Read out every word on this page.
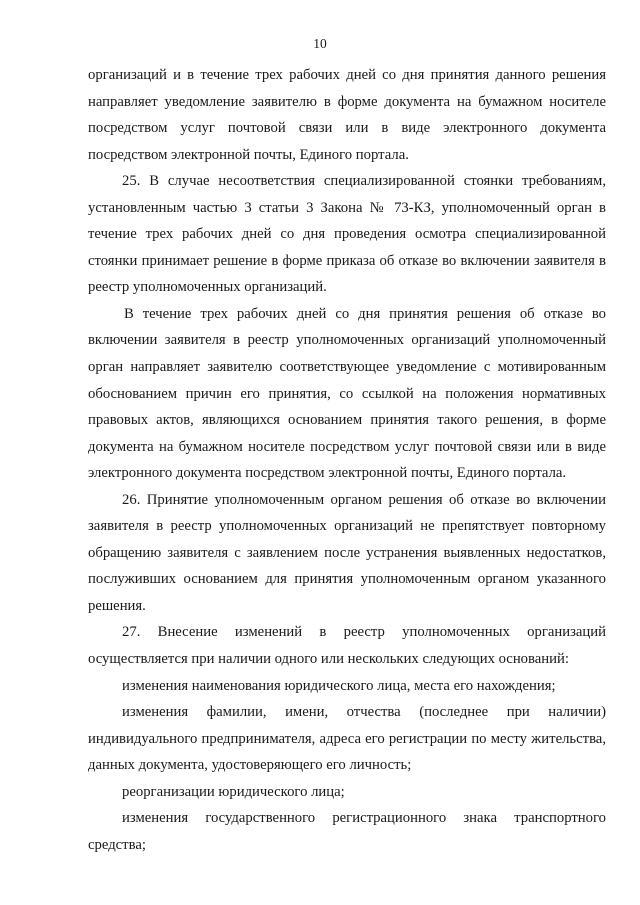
10

организаций и в течение трех рабочих дней со дня принятия данного решения направляет уведомление заявителю в форме документа на бумажном носителе посредством услуг почтовой связи или в виде электронного документа посредством электронной почты, Единого портала.

25. В случае несоответствия специализированной стоянки требованиям, установленным частью 3 статьи 3 Закона № 73-КЗ, уполномоченный орган в течение трех рабочих дней со дня проведения осмотра специализированной стоянки принимает решение в форме приказа об отказе во включении заявителя в реестр уполномоченных организаций.

В течение трех рабочих дней со дня принятия решения об отказе во включении заявителя в реестр уполномоченных организаций уполномоченный орган направляет заявителю соответствующее уведомление с мотивированным обоснованием причин его принятия, со ссылкой на положения нормативных правовых актов, являющихся основанием принятия такого решения, в форме документа на бумажном носителе посредством услуг почтовой связи или в виде электронного документа посредством электронной почты, Единого портала.

26. Принятие уполномоченным органом решения об отказе во включении заявителя в реестр уполномоченных организаций не препятствует повторному обращению заявителя с заявлением после устранения выявленных недостатков, послуживших основанием для принятия уполномоченным органом указанного решения.

27. Внесение изменений в реестр уполномоченных организаций осуществляется при наличии одного или нескольких следующих оснований:

изменения наименования юридического лица, места его нахождения;

изменения фамилии, имени, отчества (последнее при наличии) индивидуального предпринимателя, адреса его регистрации по месту жительства, данных документа, удостоверяющего его личность;

реорганизации юридического лица;

изменения государственного регистрационного знака транспортного средства;
